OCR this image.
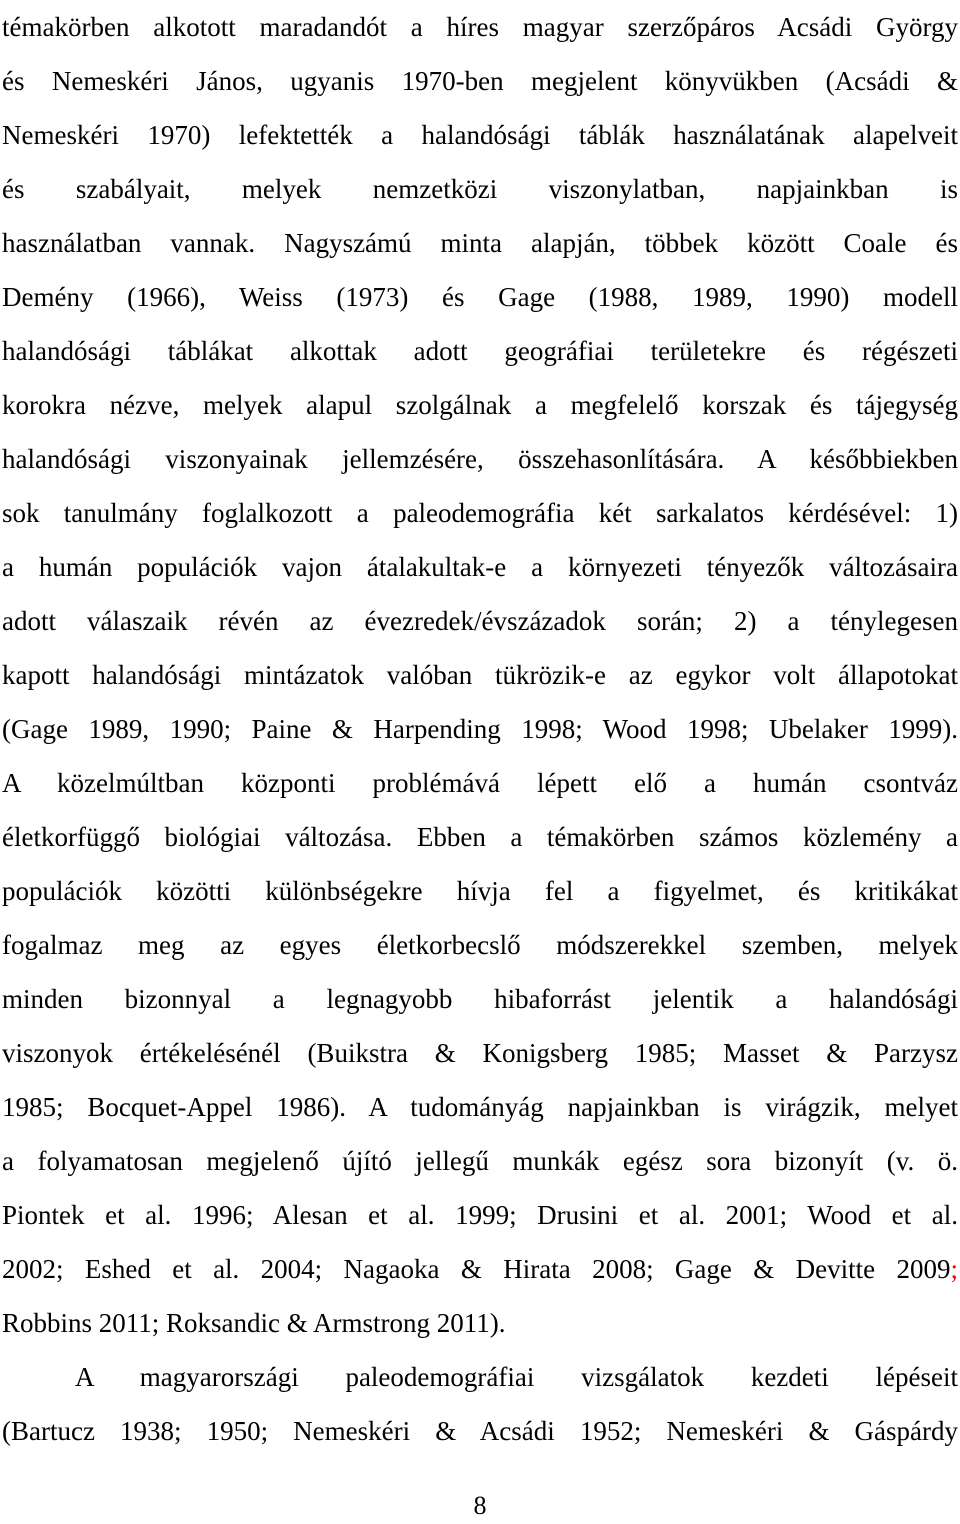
témakörben alkotott maradandót a híres magyar szerzőpáros Acsádi György
és Nemeskéri János, ugyanis 1970-ben megjelent könyvükben (Acsádi &
Nemeskéri 1970) lefektették a halandósági táblák használatának alapelveit
és szabályait, melyek nemzetközi viszonylatban, napjainkban is
használatban vannak. Nagyszámú minta alapján, többek között Coale és
Demény (1966), Weiss (1973) és Gage (1988, 1989, 1990) modell
halandósági táblákat alkottak adott geográfiai területekre és régészeti
korokra nézve, melyek alapul szolgálnak a megfelelő korszak és tájegység
halandósági viszonyainak jellemzésére, összehasonlítására. A későbbiekben
sok tanulmány foglalkozott a paleodemográfia két sarkalatos kérdésével: 1)
a humán populációk vajon átalakultak-e a környezeti tényezők változásaira
adott válaszaik révén az évezredek/évszázadok során; 2) a ténylegesen
kapott halandósági mintázatok valóban tükrözik-e az egykor volt állapotokat
(Gage 1989, 1990; Paine & Harpending 1998; Wood 1998; Ubelaker 1999).
A közelmúltban központi problémává lépett elő a humán csontváz
életkorfüggő biológiai változása. Ebben a témakörben számos közlemény a
populációk közötti különbségekre hívja fel a figyelmet, és kritikákat
fogalmaz meg az egyes életkorbecslő módszerekkel szemben, melyek
minden bizonnyal a legnagyobb hibaforrást jelentik a halandósági
viszonyok értékelésénél (Buikstra & Konigsberg 1985; Masset & Parzysz
1985; Bocquet-Appel 1986). A tudományág napjainkban is virágzik, melyet
a folyamatosan megjelenő újító jellegű munkák egész sora bizonyít (v. ö.
Piontek et al. 1996; Alesan et al. 1999; Drusini et al. 2001; Wood et al.
2002; Eshed et al. 2004; Nagaoka & Hirata 2008; Gage & Devitte 2009;
Robbins 2011; Roksandic & Armstrong 2011).
A magyarországi paleodemográfiai vizsgálatok kezdeti lépéseit
(Bartucz 1938; 1950; Nemeskéri & Acsádi 1952; Nemeskéri & Gáspárdy
8
